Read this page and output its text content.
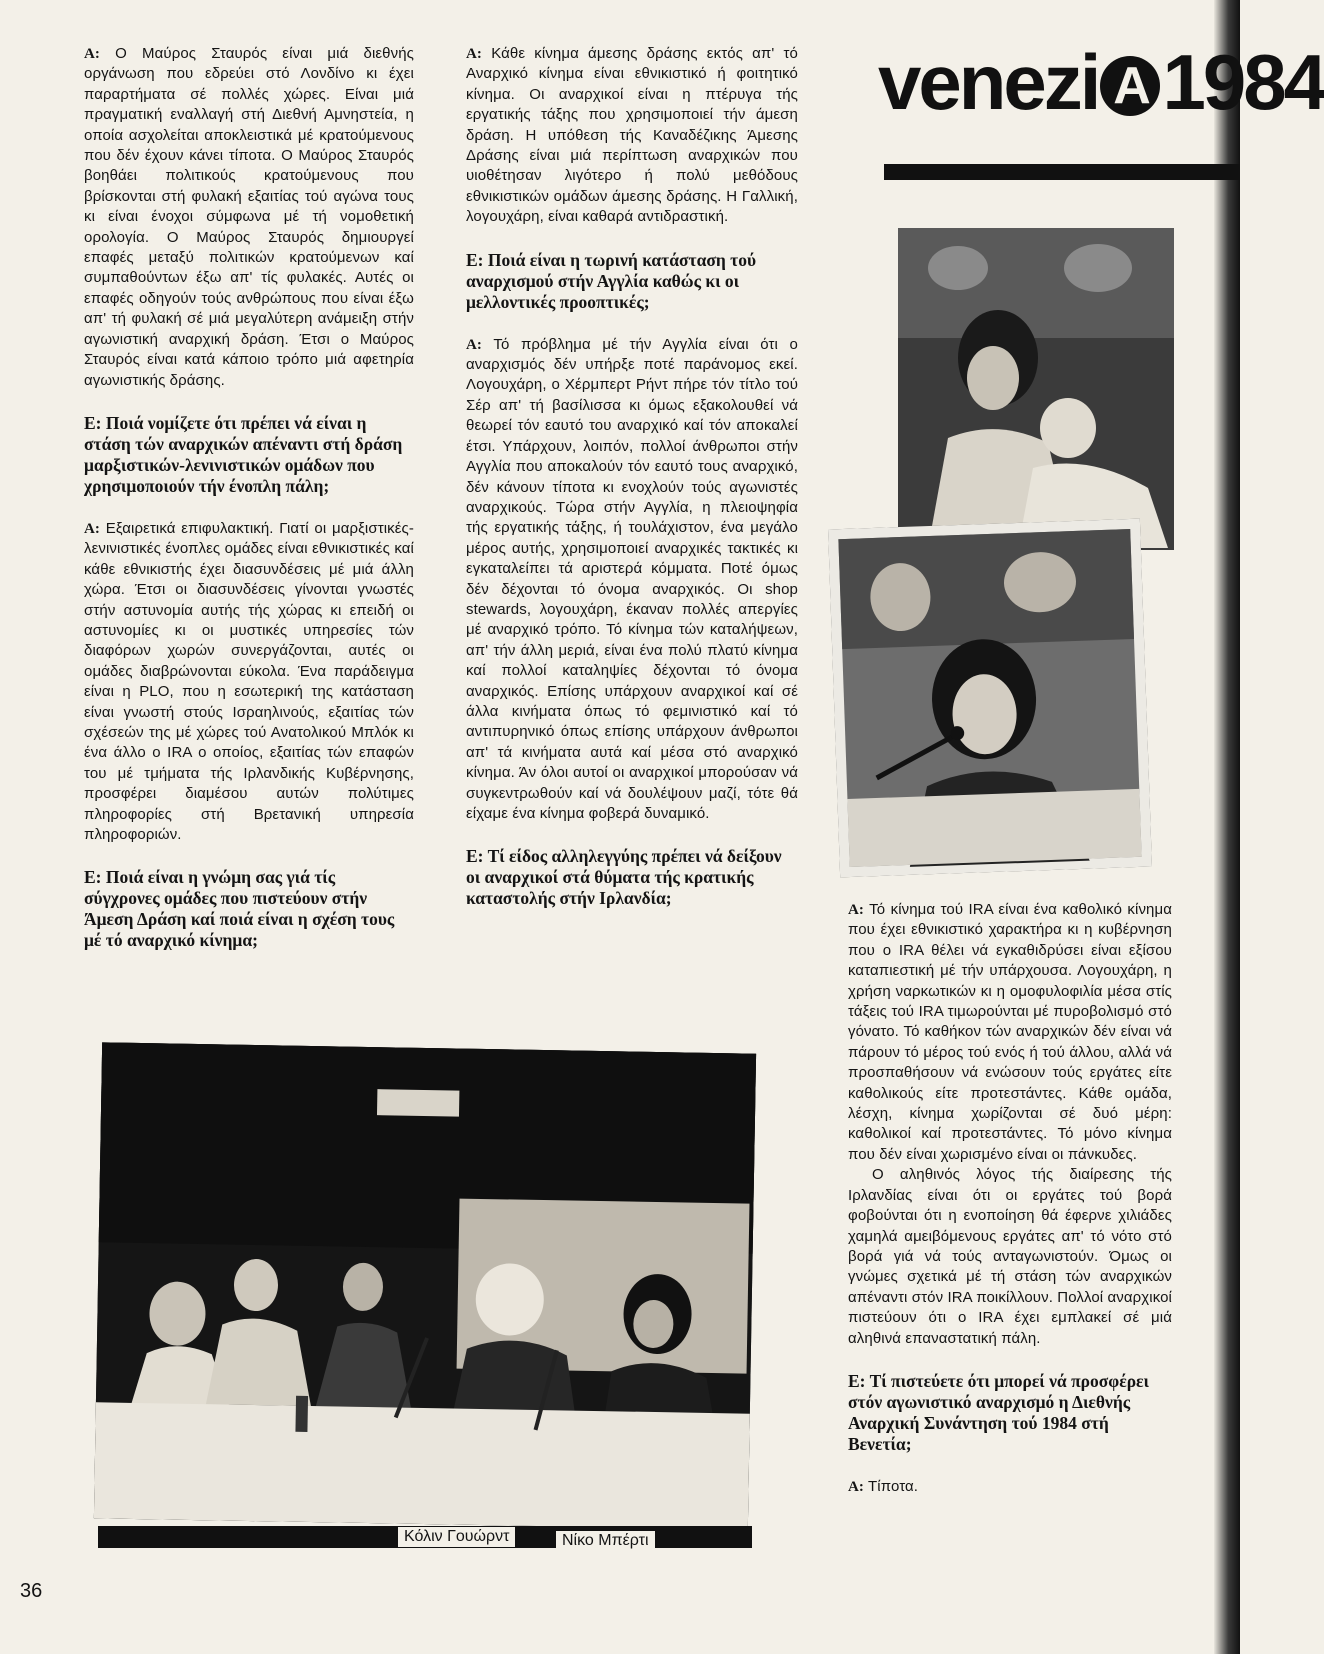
Α: Ο Μαύρος Σταυρός είναι μιά διεθνής οργάνωση που εδρεύει στό Λονδίνο κι έχει παραρτήματα σέ πολλές χώρες. Είναι μιά πραγματική εναλλαγή στή Διεθνή Αμνηστεία, η οποία ασχολείται αποκλειστικά μέ κρατούμενους που δέν έχουν κάνει τίποτα. Ο Μαύρος Σταυρός βοηθάει πολιτικούς κρατούμενους που βρίσκονται στή φυλακή εξαιτίας τού αγώνα τους κι είναι ένοχοι σύμφωνα μέ τή νομοθετική ορολογία. Ο Μαύρος Σταυρός δημιουργεί επαφές μεταξύ πολιτικών κρατούμενων καί συμπαθούντων έξω απ' τίς φυλακές. Αυτές οι επαφές οδηγούν τούς ανθρώπους που είναι έξω απ' τή φυλακή σέ μιά μεγαλύτερη ανάμειξη στήν αγωνιστική αναρχική δράση. Έτσι ο Μαύρος Σταυρός είναι κατά κάποιο τρόπο μιά αφετηρία αγωνιστικής δράσης.

Ε: Ποιά νομίζετε ότι πρέπει νά είναι η στάση τών αναρχικών απέναντι στή δράση μαρξιστικών-λενινιστικών ομάδων που χρησιμοποιούν τήν ένοπλη πάλη;

Α: Εξαιρετικά επιφυλακτική. Γιατί οι μαρξιστικές-λενινιστικές ένοπλες ομάδες είναι εθνικιστικές καί κάθε εθνικιστής έχει διασυνδέσεις μέ μιά άλλη χώρα. Έτσι οι διασυνδέσεις γίνονται γνωστές στήν αστυνομία αυτής τής χώρας κι επειδή οι αστυνομίες κι οι μυστικές υπηρεσίες τών διαφόρων χωρών συνεργάζονται, αυτές οι ομάδες διαβρώνονται εύκολα. Ένα παράδειγμα είναι η PLO, που η εσωτερική της κατάσταση είναι γνωστή στούς Ισραηλινούς, εξαιτίας τών σχέσεών της μέ χώρες τού Ανατολικού Μπλόκ κι ένα άλλο ο IRA ο οποίος, εξαιτίας τών επαφών του μέ τμήματα τής Ιρλανδικής Κυβέρνησης, προσφέρει διαμέσου αυτών πολύτιμες πληροφορίες στή Βρετανική υπηρεσία πληροφοριών.

Ε: Ποιά είναι η γνώμη σας γιά τίς σύγχρονες ομάδες που πιστεύουν στήν Άμεση Δράση καί ποιά είναι η σχέση τους μέ τό αναρχικό κίνημα;

Α: Κάθε κίνημα άμεσης δράσης εκτός απ' τό Αναρχικό κίνημα είναι εθνικιστικό ή φοιτητικό κίνημα. Οι αναρχικοί είναι η πτέρυγα τής εργατικής τάξης που χρησιμοποιεί τήν άμεση δράση. Η υπόθεση τής Καναδέζικης Άμεσης Δράσης είναι μιά περίπτωση αναρχικών που υιοθέτησαν λιγότερο ή πολύ μεθόδους εθνικιστικών ομάδων άμεσης δράσης. Η Γαλλική, λογουχάρη, είναι καθαρά αντιδραστική.

Ε: Ποιά είναι η τωρινή κατάσταση τού αναρχισμού στήν Αγγλία καθώς κι οι μελλοντικές προοπτικές;

Α: Τό πρόβλημα μέ τήν Αγγλία είναι ότι ο αναρχισμός δέν υπήρξε ποτέ παράνομος εκεί. Λογουχάρη, ο Χέρμπερτ Ρήντ πήρε τόν τίτλο τού Σέρ απ' τή βασίλισσα κι όμως εξακολουθεί νά θεωρεί τόν εαυτό του αναρχικό καί τόν αποκαλεί έτσι. Υπάρχουν, λοιπόν, πολλοί άνθρωποι στήν Αγγλία που αποκαλούν τόν εαυτό τους αναρχικό, δέν κάνουν τίποτα κι ενοχλούν τούς αγωνιστές αναρχικούς. Τώρα στήν Αγγλία, η πλειοψηφία τής εργατικής τάξης, ή τουλάχιστον, ένα μεγάλο μέρος αυτής, χρησιμοποιεί αναρχικές τακτικές κι εγκαταλείπει τά αριστερά κόμματα. Ποτέ όμως δέν δέχονται τό όνομα αναρχικός. Οι shop stewards, λογουχάρη, έκαναν πολλές απεργίες μέ αναρχικό τρόπο. Τό κίνημα τών καταλήψεων, απ' τήν άλλη μεριά, είναι ένα πολύ πλατύ κίνημα καί πολλοί καταληψίες δέχονται τό όνομα αναρχικός. Επίσης υπάρχουν αναρχικοί καί σέ άλλα κινήματα όπως τό φεμινιστικό καί τό αντιπυρηνικό όπως επίσης υπάρχουν άνθρωποι απ' τά κινήματα αυτά καί μέσα στό αναρχικό κίνημα. Άν όλοι αυτοί οι αναρχικοί μπορούσαν νά συγκεντρωθούν καί νά δουλέψουν μαζί, τότε θά είχαμε ένα κίνημα φοβερά δυναμικό.

Ε: Τί είδος αλληλεγγύης πρέπει νά δείξουν οι αναρχικοί στά θύματα τής κρατικής καταστολής στήν Ιρλανδία;

venezi A 1984

Α: Τό κίνημα τού IRA είναι ένα καθολικό κίνημα που έχει εθνικιστικό χαρακτήρα κι η κυβέρνηση που ο IRA θέλει νά εγκαθιδρύσει είναι εξίσου καταπιεστική μέ τήν υπάρχουσα. Λογουχάρη, η χρήση ναρκωτικών κι η ομοφυλοφιλία μέσα στίς τάξεις τού IRA τιμωρούνται μέ πυροβολισμό στό γόνατο. Τό καθήκον τών αναρχικών δέν είναι νά πάρουν τό μέρος τού ενός ή τού άλλου, αλλά νά προσπαθήσουν νά ενώσουν τούς εργάτες είτε καθολικούς είτε προτεστάντες. Κάθε ομάδα, λέσχη, κίνημα χωρίζονται σέ δυό μέρη: καθολικοί καί προτεστάντες. Τό μόνο κίνημα που δέν είναι χωρισμένο είναι οι πάνκυδες.

Ο αληθινός λόγος τής διαίρεσης τής Ιρλανδίας είναι ότι οι εργάτες τού βορά φοβούνται ότι η ενοποίηση θά έφερνε χιλιάδες χαμηλά αμειβόμενους εργάτες απ' τό νότο στό βορά γιά νά τούς ανταγωνιστούν. Όμως οι γνώμες σχετικά μέ τή στάση τών αναρχικών απέναντι στόν IRA ποικίλλουν. Πολλοί αναρχικοί πιστεύουν ότι ο IRA έχει εμπλακεί σέ μιά αληθινά επαναστατική πάλη.

Ε: Τί πιστεύετε ότι μπορεί νά προσφέρει στόν αγωνιστικό αναρχισμό η Διεθνής Αναρχική Συνάντηση τού 1984 στή Βενετία;

Α: Τίποτα.

Κόλιν Γουώρντ	Νίκο Μπέρτι
36
